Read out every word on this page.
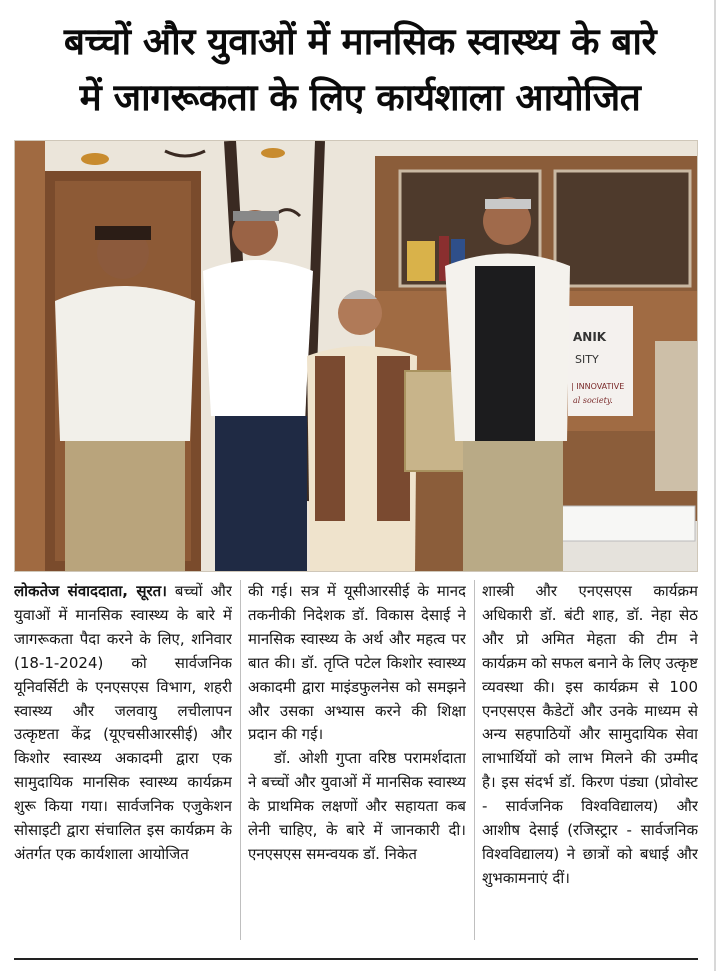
बच्चों और युवाओं में मानसिक स्वास्थ्य के बारे
में जागरूकता के लिए कार्यशाला आयोजित
ANIK
SITY
| INNOVATIVE
al society.

लोकतेज संवाददाता, सूरत। बच्चों और युवाओं में मानसिक स्वास्थ्य के बारे में जागरूकता पैदा करने के लिए, शनिवार (18-1-2024) को सार्वजनिक यूनिवर्सिटी के एनएसएस विभाग, शहरी स्वास्थ्य और जलवायु लचीलापन उत्कृष्टता केंद्र (यूएचसीआरसीई) और किशोर स्वास्थ्य अकादमी द्वारा एक सामुदायिक मानसिक स्वास्थ्य कार्यक्रम शुरू किया गया। सार्वजनिक एजुकेशन सोसाइटी द्वारा संचालित इस कार्यक्रम के अंतर्गत एक कार्यशाला आयोजित

की गई। सत्र में यूसीआरसीई के मानद तकनीकी निदेशक डॉ. विकास देसाई ने मानसिक स्वास्थ्य के अर्थ और महत्व पर बात की। डॉ. तृप्ति पटेल किशोर स्वास्थ्य अकादमी द्वारा माइंडफुलनेस को समझने और उसका अभ्यास करने की शिक्षा प्रदान की गई।

डॉ. ओशी गुप्ता वरिष्ठ परामर्शदाता ने बच्चों और युवाओं में मानसिक स्वास्थ्य के प्राथमिक लक्षणों और सहायता कब लेनी चाहिए, के बारे में जानकारी दी। एनएसएस समन्वयक डॉ. निकेत

शास्त्री और एनएसएस कार्यक्रम अधिकारी डॉ. बंटी शाह, डॉ. नेहा सेठ और प्रो अमित मेहता की टीम ने कार्यक्रम को सफल बनाने के लिए उत्कृष्ट व्यवस्था की। इस कार्यक्रम से 100 एनएसएस कैडेटों और उनके माध्यम से अन्य सहपाठियों और सामुदायिक सेवा लाभार्थियों को लाभ मिलने की उम्मीद है। इस संदर्भ डॉ. किरण पंड्या (प्रोवोस्ट - सार्वजनिक विश्वविद्यालय) और आशीष देसाई (रजिस्ट्रार - सार्वजनिक विश्वविद्यालय) ने छात्रों को बधाई और शुभकामनाएं दीं।
